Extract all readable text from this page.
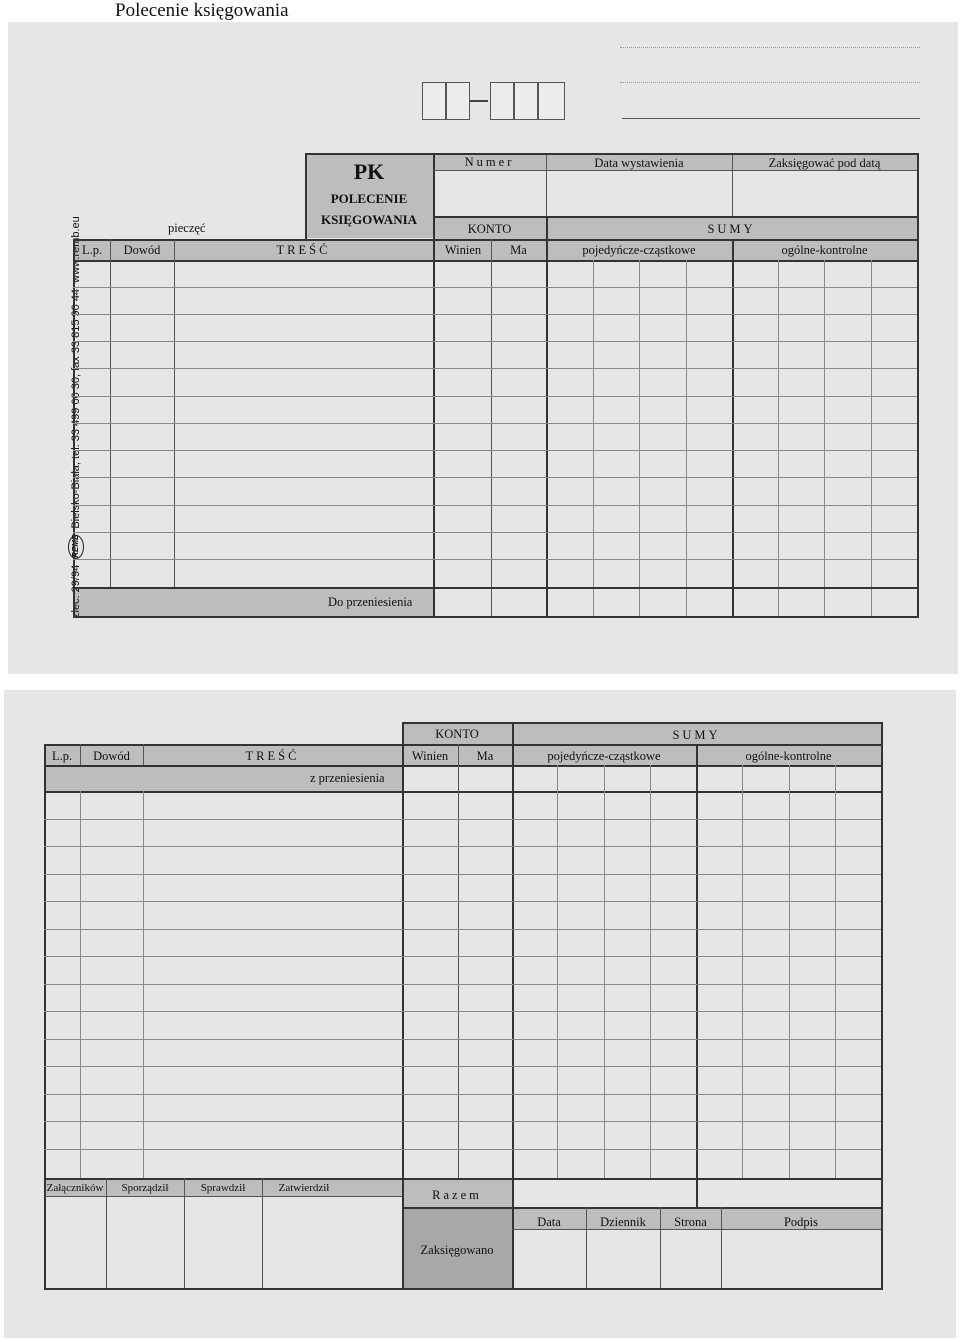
Polecenie księgowania
PK
POLECENIE
KSIĘGOWANIA
pieczęć
Numer	Data wystawienia	Zaksięgować pod datą
KONTO	SUMY
L.p.	Dowód	TREŚĆ	Winien	Ma	pojedyńcze-cząstkowe	ogólne-kontrolne
Do przeniesienia
zlec. 29/94 REMB Bielsko-Biała, tel. 33 499 00 30, fax 33 815 90 44, www.remb.eu
KONTO	SUMY
L.p.	Dowód	TREŚĆ	Winien	Ma	pojedyńcze-cząstkowe	ogólne-kontrolne
z przeniesienia
Załączników	Sporządził	Sprawdził	Zatwierdził	Razem
Data	Dziennik	Strona	Podpis
Zaksięgowano
